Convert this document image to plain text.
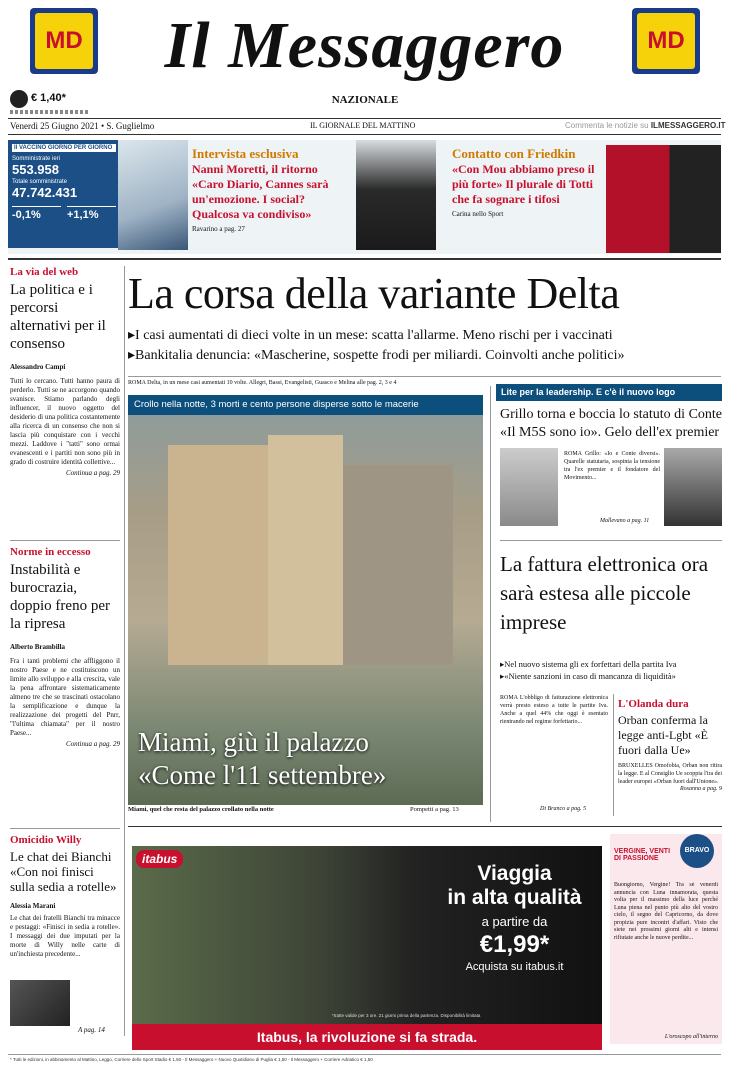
MD	MD
Il Messaggero
NAZIONALE
€ 1,40*
Venerdì 25 Giugno 2021 • S. Guglielmo	IL GIORNALE DEL MATTINO	Commenta le notizie su ILMESSAGGERO.IT
Il VACCINO GIORNO PER GIORNO
Somministrate ieri
553.958
Totale somministrate
47.742.431
-0,1%	+1,1%
Intervista esclusiva
Nanni Moretti, il ritorno «Caro Diario, Cannes sarà un'emozione. I social? Qualcosa va condiviso»
Ravarino a pag. 27
Contatto con Friedkin
«Con Mou abbiamo preso il più forte» Il plurale di Totti che fa sognare i tifosi
Carina nello Sport
La via del web
La politica e i percorsi alternativi per il consenso
Alessandro Campi
Tutti lo cercano. Tutti hanno paura di perderlo. Tutti se ne accorgono quando svanisce. Stiamo parlando degli influencer, il nuovo oggetto del desiderio di una politica costantemente alla ricerca di un consenso che non si lascia più conquistare con i vecchi mezzi. Laddove i "tatti" sono ormai evanescenti e i partiti non sono più in grado di costruire identità collettive...
Continua a pag. 29
Norme in eccesso
Instabilità e burocrazia, doppio freno per la ripresa
Alberto Brambilla
Fra i tanti problemi che affliggono il nostro Paese e ne costituiscono un limite allo sviluppo e alla crescita, vale la pena affrontare sistematicamente almeno tre che se trascinati ostacolano la semplificazione e dunque la realizzazione dei progetti del Pnrr, "l'ultima chiamata" per il nostro Paese...
Continua a pag. 29
Omicidio Willy
Le chat dei Bianchi «Con noi finisci sulla sedia a rotelle»
Alessia Marani
Le chat dei fratelli Bianchi tra minacce e pestaggi: «Finisci in sedia a rotelle». I messaggi dei due imputati per la morte di Willy nelle carte di un'inchiesta precedente...
A pag. 14
La corsa della variante Delta
▸I casi aumentati di dieci volte in un mese: scatta l'allarme. Meno rischi per i vaccinati
▸Bankitalia denuncia: «Mascherine, sospette frodi per miliardi. Coinvolti anche politici»
ROMA Delta, in un mese casi aumentati 10 volte. Allegri, Bassi, Evangelisti, Guasco e Melina alle pag. 2, 3 e 4
Crollo nella notte, 3 morti e cento persone disperse sotto le macerie
Miami, giù il palazzo
«Come l'11 settembre»
Miami, quel che resta del palazzo crollato nella notte	Pompetti a pag. 13
Lite per la leadership. E c'è il nuovo logo
Grillo torna e boccia lo statuto di Conte «Il M5S sono io». Gelo dell'ex premier
ROMA Grillo: «Io e Conte diversi». Quarelle statutaria, sospinta la tensione tra l'ex premier e il fondatore del Movimento...
Mallevano a pag. 11
La fattura elettronica ora sarà estesa alle piccole imprese
▸Nel nuovo sistema gli ex forfettari della partita Iva
▸«Niente sanzioni in caso di mancanza di liquidità»
ROMA L'obbligo di fatturazione elettronica verrà presto esteso a tutte le partite Iva. Anche a quel 44% che oggi è esentato rientrando nel regime forfettario...
Di Branco a pag. 5
L'Olanda dura
Orban conferma la legge anti-Lgbt «È fuori dalla Ue»
BRUXELLES Omofobia, Orban non ritira la legge. E al Consiglio Ue scoppia l'ira dei leader europei «Orban fuori dall'Unione».
Rosanna a pag. 9
itabus
Viaggia
in alta qualità
a partire da
€1,99*
Acquista su itabus.it
*tratte valide per 3 ore. 21 giorni prima della partenza. Disponibilità limitata
Itabus, la rivoluzione si fa strada.
BRAVO
VERGINE, VENTI DI PASSIONE
Buongiorno, Vergine! Tra sé venerdì annuncia con Luna innamorata, questa volta per il massimo della luce perché Luna piena nel punto più alto del vostro cielo, il segno del Capricorno, da dove propizia pure incontri d'affari. Visto che siete nei prossimi giorni alti e intensi rifiutate anche le nuove perdite...
L'oroscopo all'interno
* Tutti le edizioni, in abbinamento al Mattino, Leggo, Corriere dello Sport Stadio € 1,50 - Il Messaggero + Nuovo Quotidiano di Puglia € 1,50 - Il Messaggero + Corriere Adriatico € 1,50
